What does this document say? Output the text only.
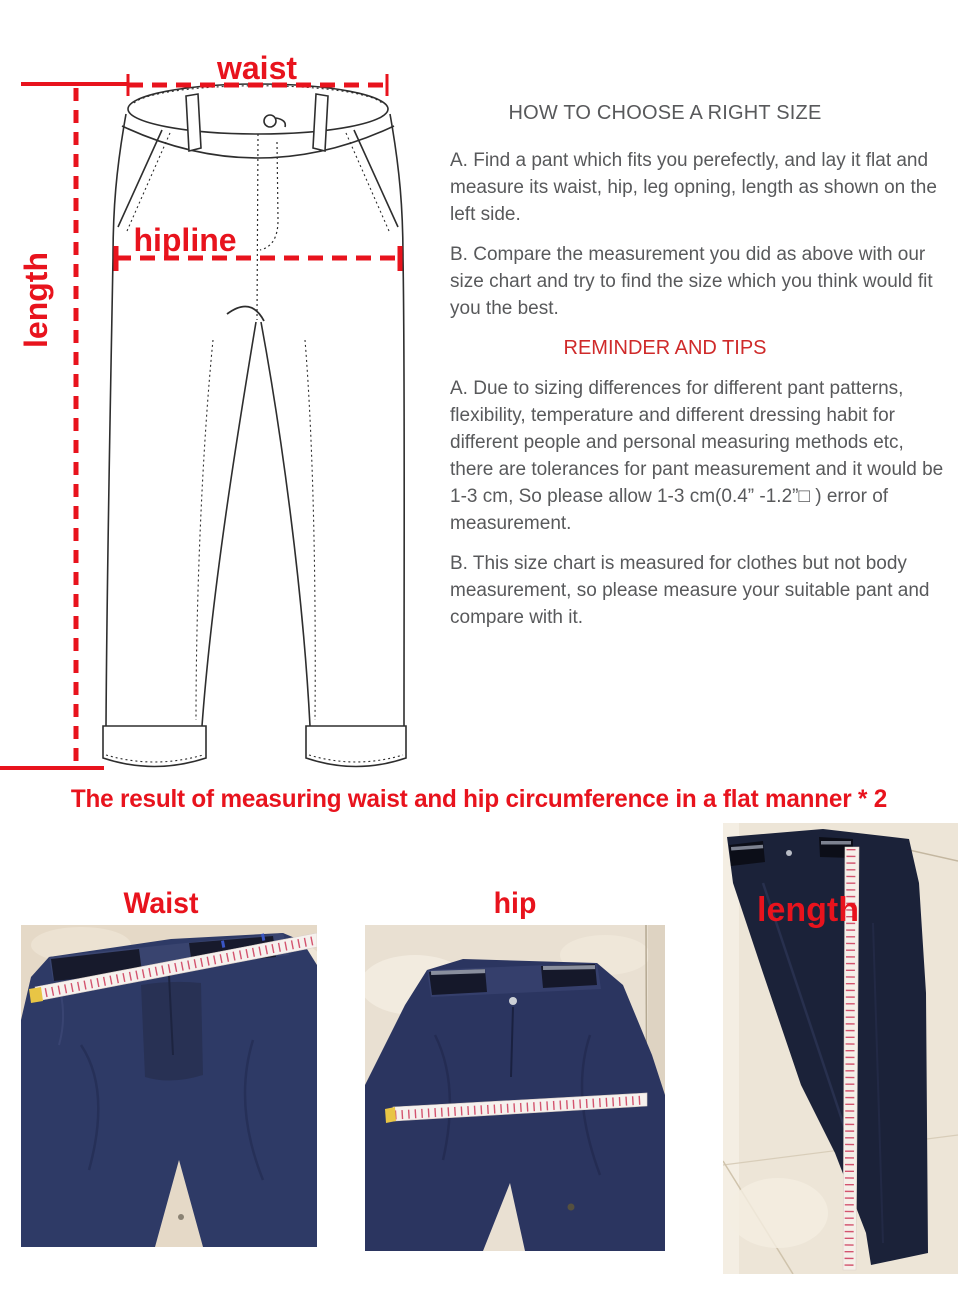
waist
hipline
length
HOW TO CHOOSE A RIGHT SIZE

A. Find a pant which fits you perefectly, and lay it flat and measure its waist, hip, leg opning, length as shown on the left side.

B. Compare the measurement you did as above with our size chart and try to find the size which you think would fit you the best.

REMINDER AND TIPS

A. Due to sizing differences for different pant patterns, flexibility, temperature and different dressing habit for different people and personal measuring methods etc, there are tolerances for pant measurement and it would be 1-3 cm, So please allow 1-3 cm(0.4” -1.2”□ ) error of measurement.

B. This size chart is measured for clothes but not body measurement, so please measure your suitable pant and compare with it.

The result of measuring waist and hip circumference in a flat manner * 2
Waist	hip	length
